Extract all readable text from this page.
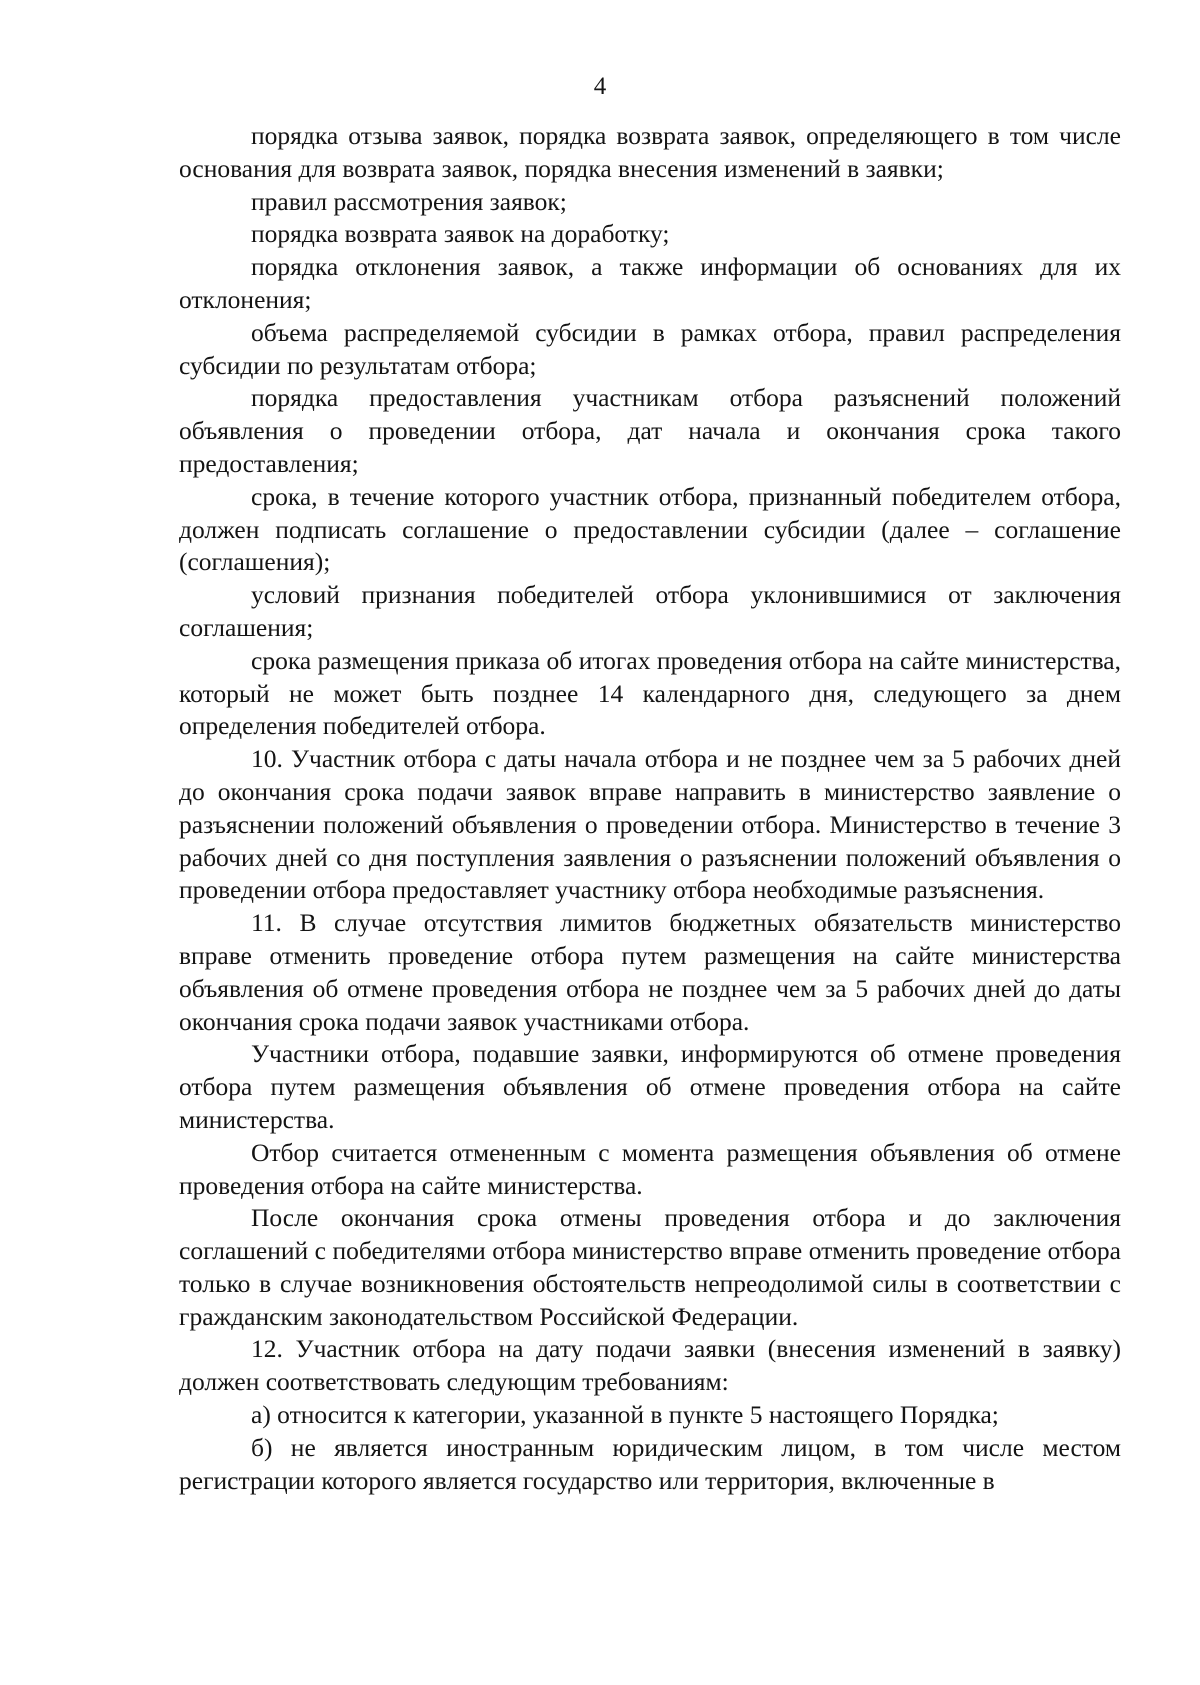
4

порядка отзыва заявок, порядка возврата заявок, определяющего в том числе основания для возврата заявок, порядка внесения изменений в заявки;

правил рассмотрения заявок;

порядка возврата заявок на доработку;

порядка отклонения заявок, а также информации об основаниях для их отклонения;

объема распределяемой субсидии в рамках отбора, правил распределения субсидии по результатам отбора;

порядка предоставления участникам отбора разъяснений положений объявления о проведении отбора, дат начала и окончания срока такого предоставления;

срока, в течение которого участник отбора, признанный победителем отбора, должен подписать соглашение о предоставлении субсидии (далее – соглашение (соглашения);

условий признания победителей отбора уклонившимися от заключения соглашения;

срока размещения приказа об итогах проведения отбора на сайте министерства, который не может быть позднее 14 календарного дня, следующего за днем определения победителей отбора.

10. Участник отбора с даты начала отбора и не позднее чем за 5 рабочих дней до окончания срока подачи заявок вправе направить в министерство заявление о разъяснении положений объявления о проведении отбора. Министерство в течение 3 рабочих дней со дня поступления заявления о разъяснении положений объявления о проведении отбора предоставляет участнику отбора необходимые разъяснения.

11. В случае отсутствия лимитов бюджетных обязательств министерство вправе отменить проведение отбора путем размещения на сайте министерства объявления об отмене проведения отбора не позднее чем за 5 рабочих дней до даты окончания срока подачи заявок участниками отбора.

Участники отбора, подавшие заявки, информируются об отмене проведения отбора путем размещения объявления об отмене проведения отбора на сайте министерства.

Отбор считается отмененным с момента размещения объявления об отмене проведения отбора на сайте министерства.

После окончания срока отмены проведения отбора и до заключения соглашений с победителями отбора министерство вправе отменить проведение отбора только в случае возникновения обстоятельств непреодолимой силы в соответствии с гражданским законодательством Российской Федерации.

12. Участник отбора на дату подачи заявки (внесения изменений в заявку) должен соответствовать следующим требованиям:

а) относится к категории, указанной в пункте 5 настоящего Порядка;

б) не является иностранным юридическим лицом, в том числе местом регистрации которого является государство или территория, включенные в
